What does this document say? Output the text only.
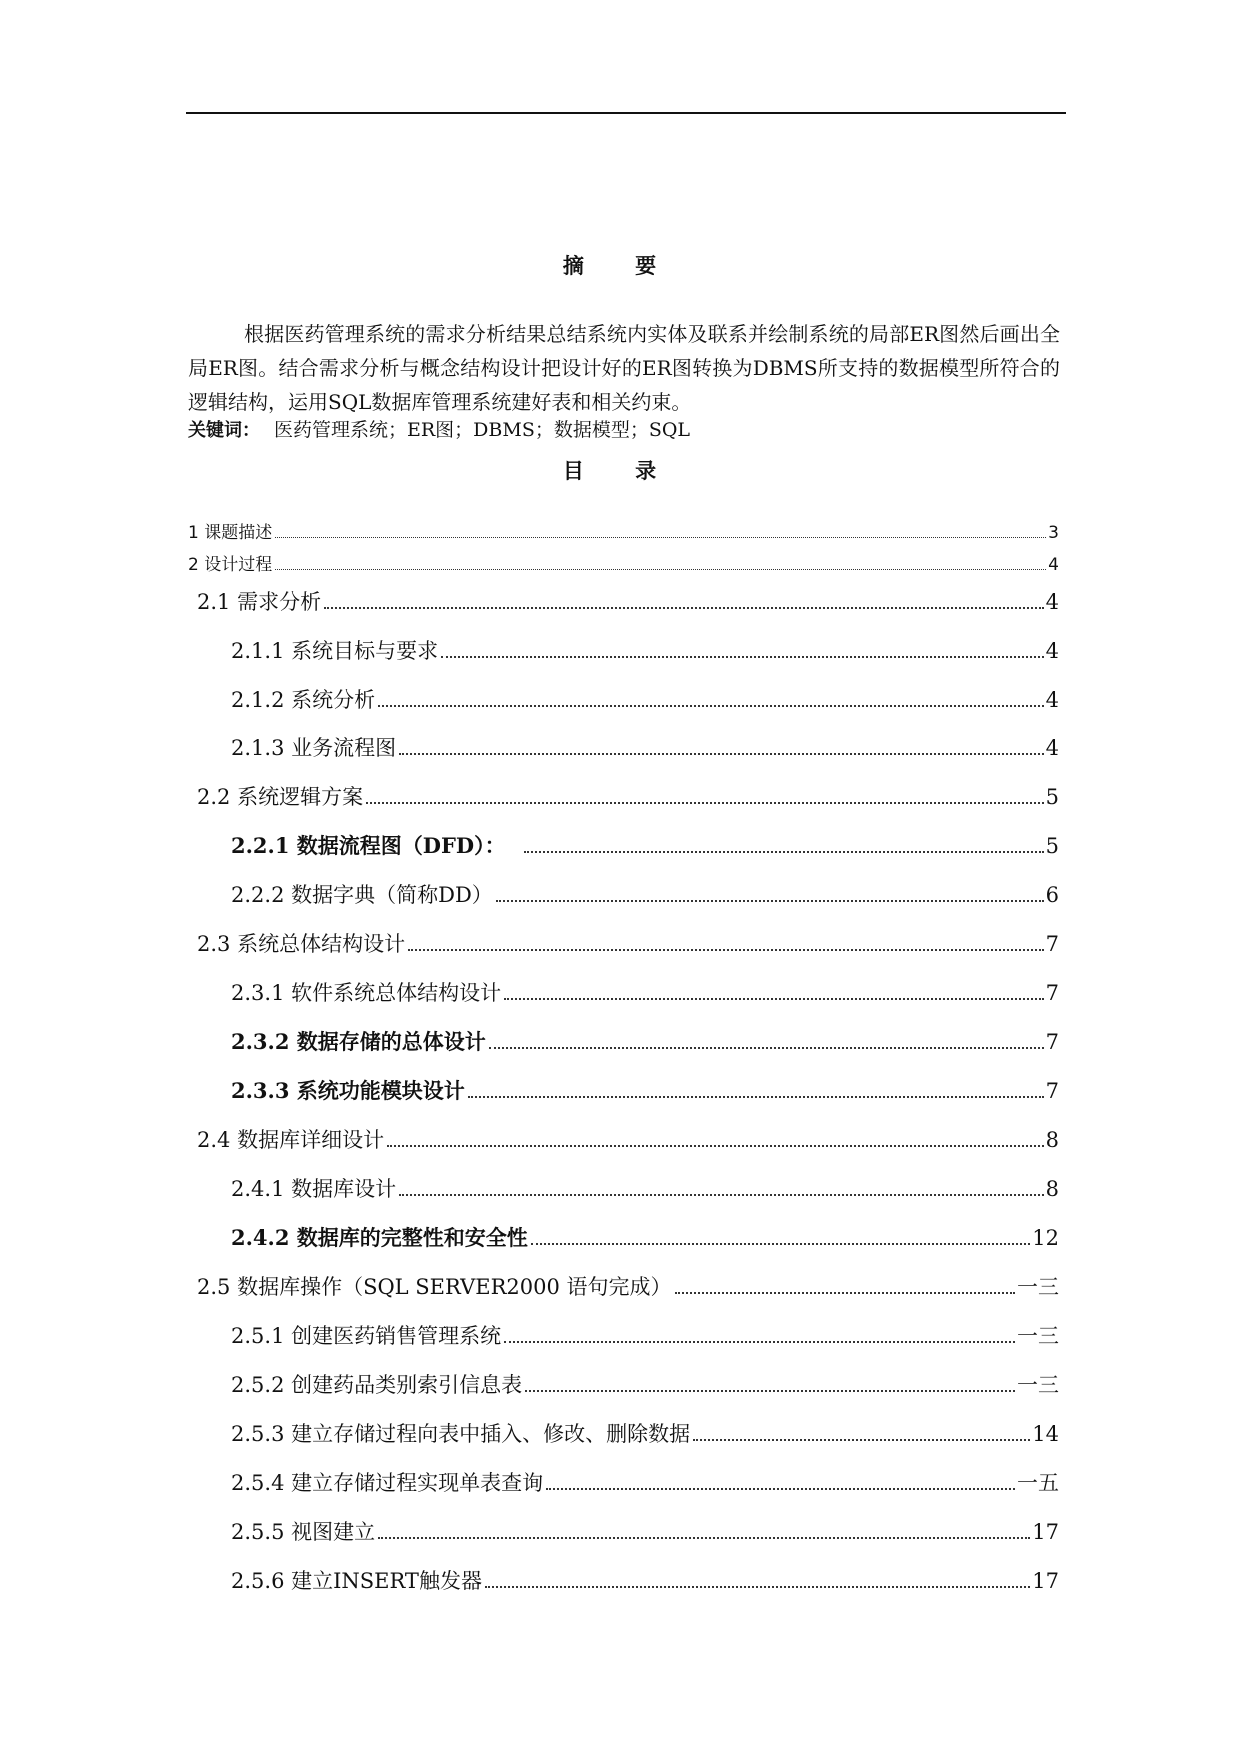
摘 要

根据医药管理系统的需求分析结果总结系统内实体及联系并绘制系统的局部ER图然后画出全局ER图。结合需求分析与概念结构设计把设计好的ER图转换为DBMS所支持的数据模型所符合的逻辑结构，运用SQL数据库管理系统建好表和相关约束。

关键词： 医药管理系统；ER图；DBMS；数据模型；SQL
目 录
1 课题描述	3
2 设计过程	4
2.1 需求分析	4
2.1.1 系统目标与要求	4
2.1.2 系统分析	4
2.1.3 业务流程图	4
2.2 系统逻辑方案	5
2.2.1 数据流程图（DFD）：	5
2.2.2 数据字典（简称DD）	6
2.3 系统总体结构设计	7
2.3.1 软件系统总体结构设计	7
2.3.2 数据存储的总体设计	7
2.3.3 系统功能模块设计	7
2.4 数据库详细设计	8
2.4.1 数据库设计	8
2.4.2 数据库的完整性和安全性	12
2.5 数据库操作（SQL SERVER2000 语句完成）	一三
2.5.1 创建医药销售管理系统	一三
2.5.2 创建药品类别索引信息表	一三
2.5.3 建立存储过程向表中插入、修改、删除数据	14
2.5.4 建立存储过程实现单表查询	一五
2.5.5 视图建立	17
2.5.6 建立INSERT触发器	17
